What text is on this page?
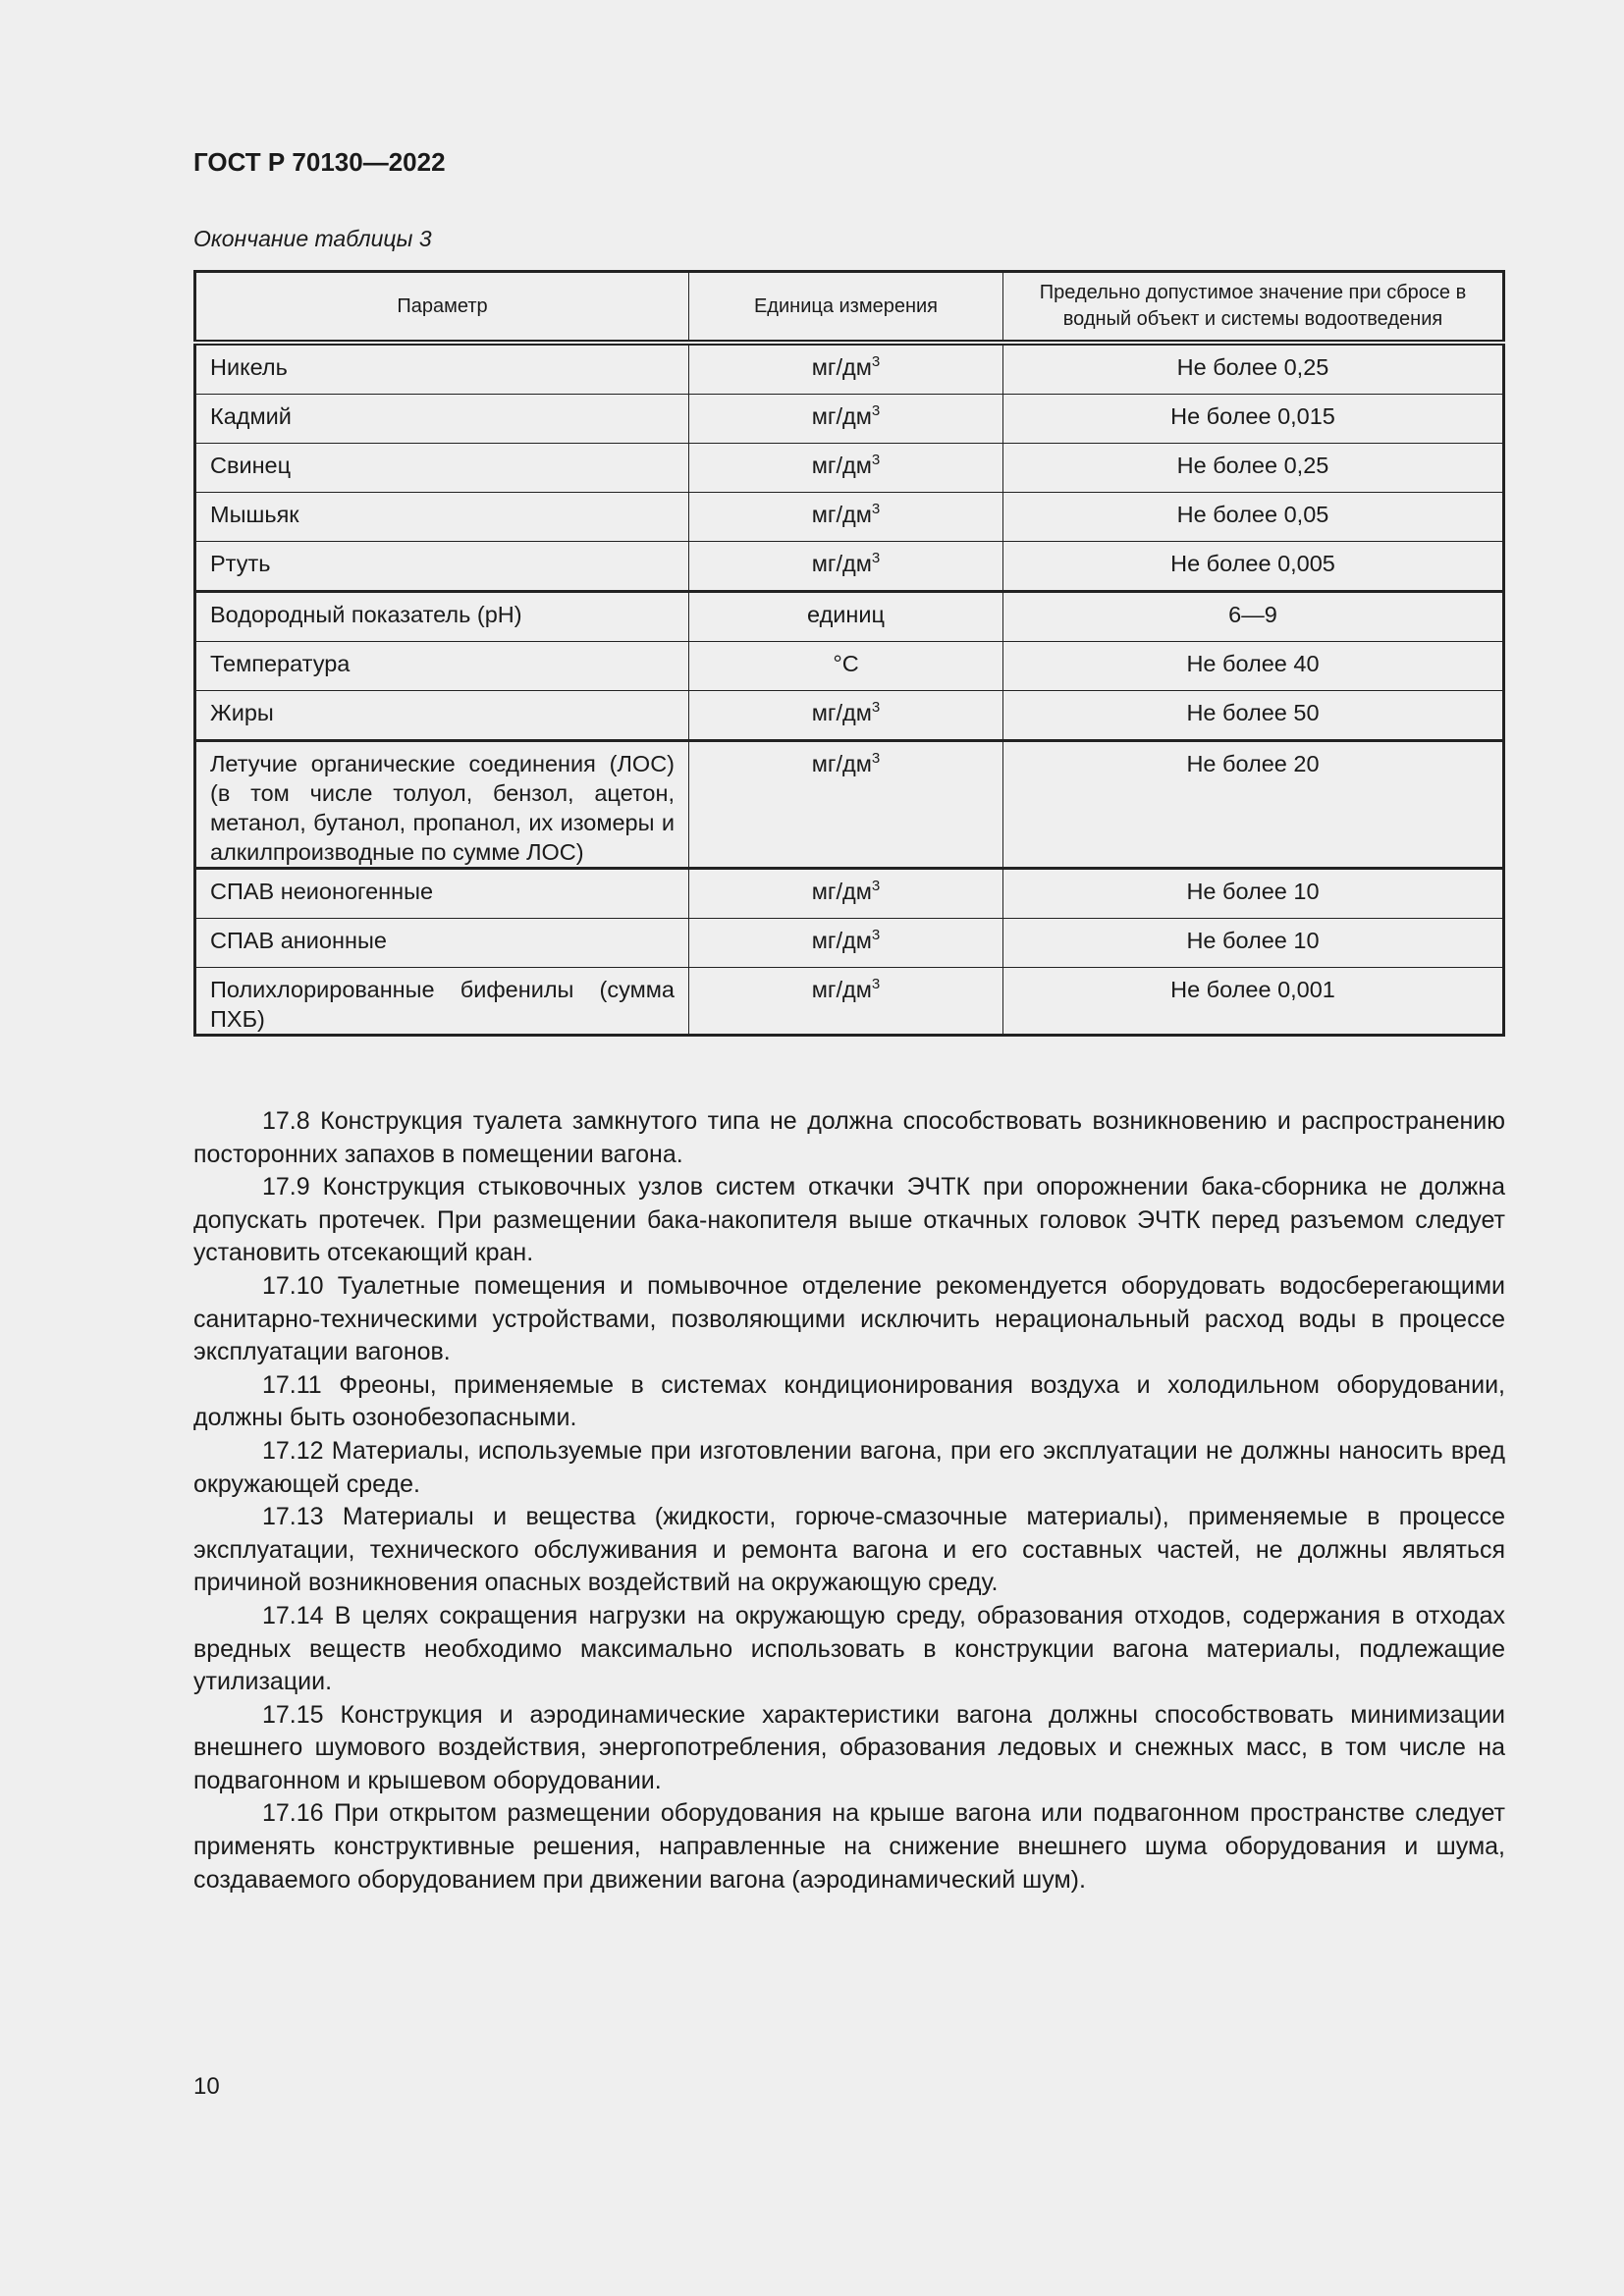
ГОСТ Р 70130—2022
Окончание таблицы 3
Параметр	Единица измерения	Предельно допустимое значение при сбросе в водный объект и системы водоотведения
Никель	$мг/дм^3$	Не более 0,25
Кадмий	$мг/дм^3$	Не более 0,015
Свинец	$мг/дм^3$	Не более 0,25
Мышьяк	$мг/дм^3$	Не более 0,05
Ртуть	$мг/дм^3$	Не более 0,005
Водородный показатель (pH)	единиц	6—9
Температура	°С	Не более 40
Жиры	$мг/дм^3$	Не более 50
Летучие органические соединения (ЛОС) (в том числе толуол, бензол, ацетон, метанол, бутанол, пропанол, их изомеры и алкилпроизводные по сумме ЛОС)	$мг/дм^3$	Не более 20
СПАВ неионогенные	$мг/дм^3$	Не более 10
СПАВ анионные	$мг/дм^3$	Не более 10
Полихлорированные бифенилы (сумма ПХБ)	$мг/дм^3$	Не более 0,001

17.8 Конструкция туалета замкнутого типа не должна способствовать возникновению и распространению посторонних запахов в помещении вагона.

17.9 Конструкция стыковочных узлов систем откачки ЭЧТК при опорожнении бака-сборника не должна допускать протечек. При размещении бака-накопителя выше откачных головок ЭЧТК перед разъемом следует установить отсекающий кран.

17.10 Туалетные помещения и помывочное отделение рекомендуется оборудовать водосберегающими санитарно-техническими устройствами, позволяющими исключить нерациональный расход воды в процессе эксплуатации вагонов.

17.11 Фреоны, применяемые в системах кондиционирования воздуха и холодильном оборудовании, должны быть озонобезопасными.

17.12 Материалы, используемые при изготовлении вагона, при его эксплуатации не должны наносить вред окружающей среде.

17.13 Материалы и вещества (жидкости, горюче-смазочные материалы), применяемые в процессе эксплуатации, технического обслуживания и ремонта вагона и его составных частей, не должны являться причиной возникновения опасных воздействий на окружающую среду.

17.14 В целях сокращения нагрузки на окружающую среду, образования отходов, содержания в отходах вредных веществ необходимо максимально использовать в конструкции вагона материалы, подлежащие утилизации.

17.15 Конструкция и аэродинамические характеристики вагона должны способствовать минимизации внешнего шумового воздействия, энергопотребления, образования ледовых и снежных масс, в том числе на подвагонном и крышевом оборудовании.

17.16 При открытом размещении оборудования на крыше вагона или подвагонном пространстве следует применять конструктивные решения, направленные на снижение внешнего шума оборудования и шума, создаваемого оборудованием при движении вагона (аэродинамический шум).

10
